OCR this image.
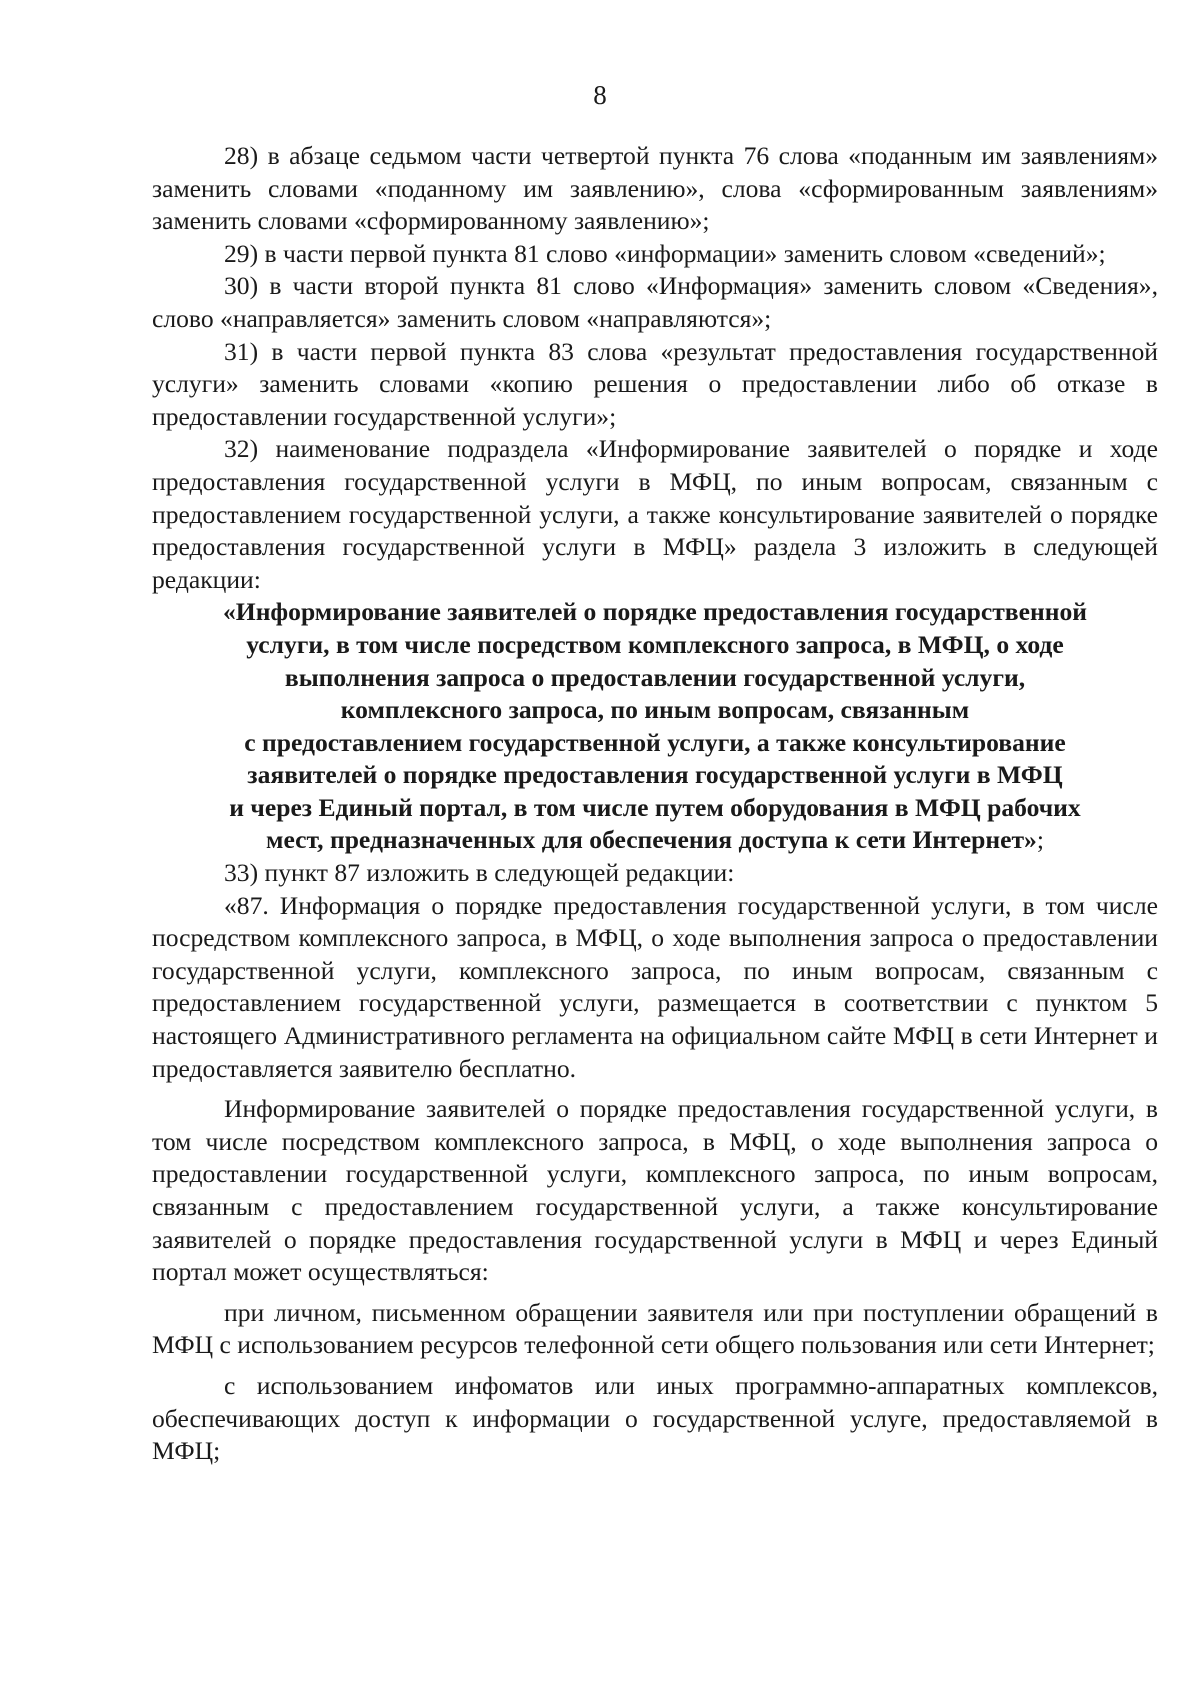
8

28) в абзаце седьмом части четвертой пункта 76 слова «поданным им заявлениям» заменить словами «поданному им заявлению», слова «сформированным заявлениям» заменить словами «сформированному заявлению»;

29) в части первой пункта 81 слово «информации» заменить словом «сведений»;

30) в части второй пункта 81 слово «Информация» заменить словом «Сведения», слово «направляется» заменить словом «направляются»;

31) в части первой пункта 83 слова «результат предоставления государственной услуги» заменить словами «копию решения о предоставлении либо об отказе в предоставлении государственной услуги»;

32) наименование подраздела «Информирование заявителей о порядке и ходе предоставления государственной услуги в МФЦ, по иным вопросам, связанным с предоставлением государственной услуги, а также консультирование заявителей о порядке предоставления государственной услуги в МФЦ» раздела 3 изложить в следующей редакции:

«Информирование заявителей о порядке предоставления государственной
услуги, в том числе посредством комплексного запроса, в МФЦ, о ходе
выполнения запроса о предоставлении государственной услуги,
комплексного запроса, по иным вопросам, связанным
с предоставлением государственной услуги, а также консультирование
заявителей о порядке предоставления государственной услуги в МФЦ
и через Единый портал, в том числе путем оборудования в МФЦ рабочих
мест, предназначенных для обеспечения доступа к сети Интернет»;

33) пункт 87 изложить в следующей редакции:

«87. Информация о порядке предоставления государственной услуги, в том числе посредством комплексного запроса, в МФЦ, о ходе выполнения запроса о предоставлении государственной услуги, комплексного запроса, по иным вопросам, связанным с предоставлением государственной услуги, размещается в соответствии с пунктом 5 настоящего Административного регламента на официальном сайте МФЦ в сети Интернет и предоставляется заявителю бесплатно.

Информирование заявителей о порядке предоставления государственной услуги, в том числе посредством комплексного запроса, в МФЦ, о ходе выполнения запроса о предоставлении государственной услуги, комплексного запроса, по иным вопросам, связанным с предоставлением государственной услуги, а также консультирование заявителей о порядке предоставления государственной услуги в МФЦ и через Единый портал может осуществляться:

при личном, письменном обращении заявителя или при поступлении обращений в МФЦ с использованием ресурсов телефонной сети общего пользования или сети Интернет;

с использованием инфоматов или иных программно-аппаратных комплексов, обеспечивающих доступ к информации о государственной услуге, предоставляемой в МФЦ;
